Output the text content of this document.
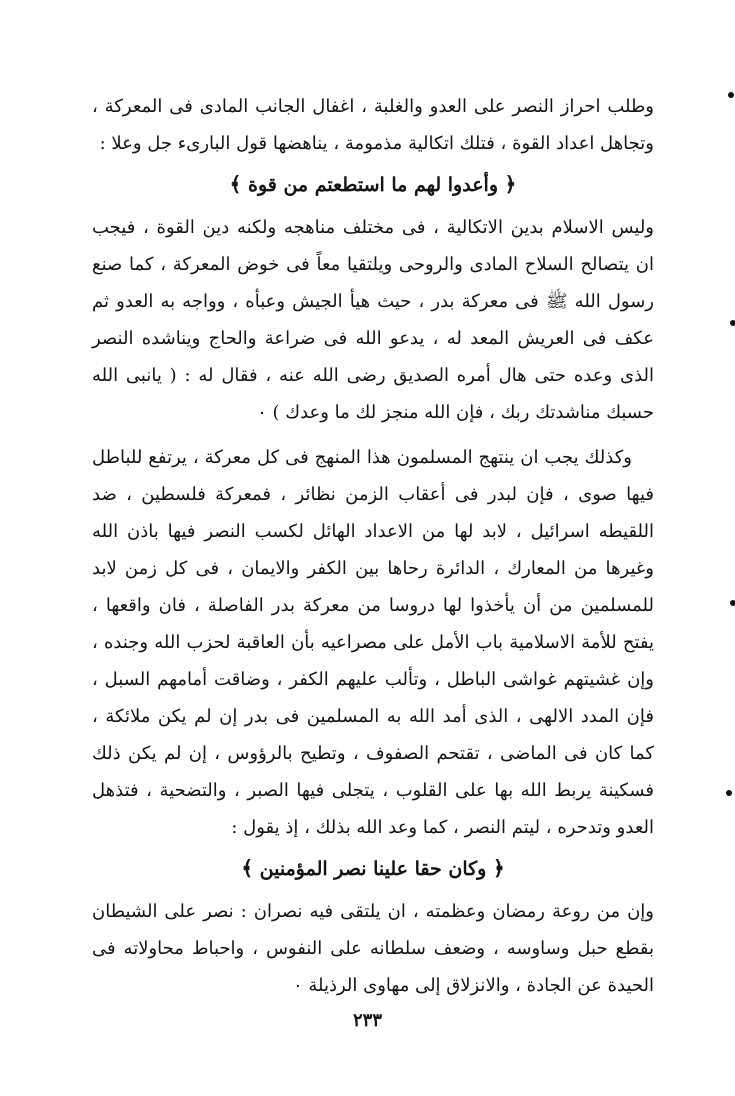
وطلب احراز النصر على العدو والغلبة ، اغفال الجانب المادى فى المعركة ، وتجاهل اعداد القوة ، فتلك اتكالية مذمومة ، يناهضها قول البارىء جل وعلا :

﴿ وأعدوا لهم ما استطعتم من قوة ﴾

وليس الاسلام بدين الاتكالية ، فى مختلف مناهجه ولكنه دين القوة ، فيجب ان يتصالح السلاح المادى والروحى ويلتقيا معاً فى خوض المعركة ، كما صنع رسول الله ﷺ فى معركة بدر ، حيث هيأ الجيش وعبأه ، وواجه به العدو ثم عكف فى العريش المعد له ، يدعو الله فى ضراعة والحاج ويناشده النصر الذى وعده حتى هال أمره الصديق رضى الله عنه ، فقال له : ( يانبى الله حسبك مناشدتك ربك ، فإن الله منجز لك ما وعدك ) ٠

وكذلك يجب ان ينتهج المسلمون هذا المنهج فى كل معركة ، يرتفع للباطل فيها صوى ، فإن لبدر فى أعقاب الزمن نظائر ، فمعركة فلسطين ، ضد اللقيطه اسرائيل ، لابد لها من الاعداد الهائل لكسب النصر فيها باذن الله وغيرها من المعارك ، الدائرة رحاها بين الكفر والايمان ، فى كل زمن لابد للمسلمين من أن يأخذوا لها دروسا من معركة بدر الفاصلة ، فان واقعها ، يفتح للأمة الاسلامية باب الأمل على مصراعيه بأن العاقبة لحزب الله وجنده ، وإن غشيتهم غواشى الباطل ، وتألب عليهم الكفر ، وضاقت أمامهم السبل ، فإن المدد الالهى ، الذى أمد الله به المسلمين فى بدر إن لم يكن ملائكة ، كما كان فى الماضى ، تقتحم الصفوف ، وتطيح بالرؤوس ، إن لم يكن ذلك فسكينة يربط الله بها على القلوب ، يتجلى فيها الصبر ، والتضحية ، فتذهل العدو وتدحره ، ليتم النصر ، كما وعد الله بذلك ، إذ يقول :

﴿ وكان حقا علينا نصر المؤمنين ﴾

وإن من روعة رمضان وعظمته ، ان يلتقى فيه نصران : نصر على الشيطان بقطع حبل وساوسه ، وضعف سلطانه على النفوس ، واحباط محاولاته فى الحيدة عن الجادة ، والانزلاق إلى مهاوى الرذيلة ٠

٢٣٣
